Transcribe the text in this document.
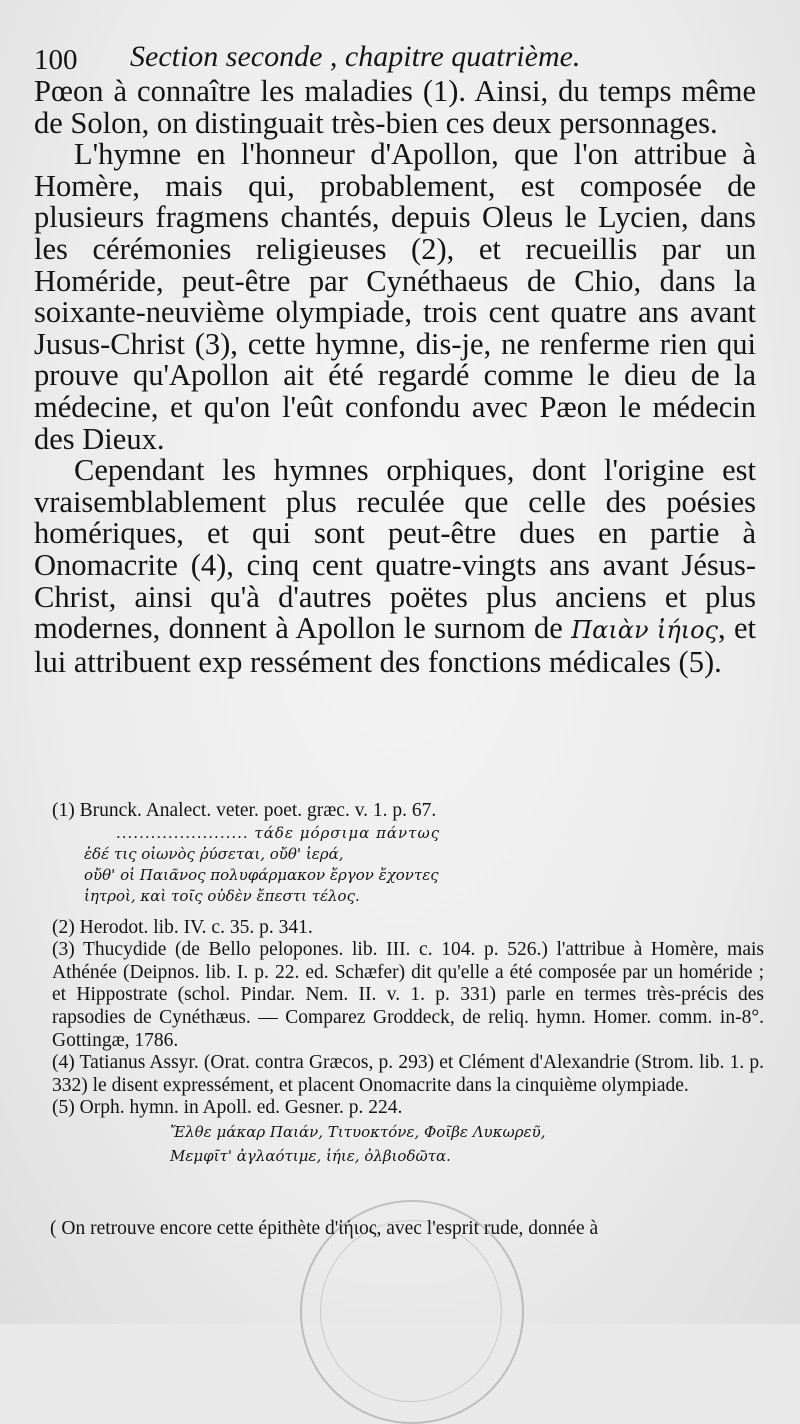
100 Section seconde , chapitre quatrième.

Pœon à connaître les maladies (1). Ainsi, du temps même de Solon, on distinguait très-bien ces deux personnages.

L'hymne en l'honneur d'Apollon, que l'on attribue à Homère, mais qui, probablement, est composée de plusieurs fragmens chantés, depuis Oleus le Lycien, dans les cérémonies religieuses (2), et recueillis par un Homéride, peut-être par Cynéthaeus de Chio, dans la soixante-neuvième olympiade, trois cent quatre ans avant Jusus-Christ (3), cette hymne, dis-je, ne renferme rien qui prouve qu'Apollon ait été regardé comme le dieu de la médecine, et qu'on l'eût confondu avec Pæon le médecin des Dieux.

Cependant les hymnes orphiques, dont l'origine est vraisemblablement plus reculée que celle des poésies homériques, et qui sont peut-être dues en partie à Onomacrite (4), cinq cent quatre-vingts ans avant Jésus-Christ, ainsi qu'à d'autres poëtes plus anciens et plus modernes, donnent à Apollon le surnom de Παιὰν ἰήιος, et lui attribuent exp ressément des fonctions médicales (5).

(1) Brunck. Analect. veter. poet. græc. v. 1. p. 67.

....................... τάδε μόρσιμα πάντως

ἐδέ τις οἰωνὸς ῥύσεται, οὔθ' ἱερά,

οὔθ' οἱ Παιᾶνος πολυφάρμακον ἔργον ἔχοντες

ἰητροὶ, καὶ τοῖς οὐδὲν ἔπεστι τέλος.

(2) Herodot. lib. IV. c. 35. p. 341.

(3) Thucydide (de Bello pelopones. lib. III. c. 104. p. 526.) l'attribue à Homère, mais Athénée (Deipnos. lib. I. p. 22. ed. Schæfer) dit qu'elle a été composée par un homéride ; et Hippostrate (schol. Pindar. Nem. II. v. 1. p. 331) parle en termes très-précis des rapsodies de Cynéthæus. — Comparez Groddeck, de reliq. hymn. Homer. comm. in-8°. Gottingæ, 1786.

(4) Tatianus Assyr. (Orat. contra Græcos, p. 293) et Clément d'Alexandrie (Strom. lib. 1. p. 332) le disent expressément, et placent Onomacrite dans la cinquième olympiade.

(5) Orph. hymn. in Apoll. ed. Gesner. p. 224.

Ἔλθε μάκαρ Παιάν, Τιτυοκτόνε, Φοῖβε Λυκωρεῦ,

Μεμφῖτ' ἀγλαότιμε, ἰήιε, ὀλβιοδῶτα.

( On retrouve encore cette épithète d'ἰήιος, avec l'esprit rude, donnée à
